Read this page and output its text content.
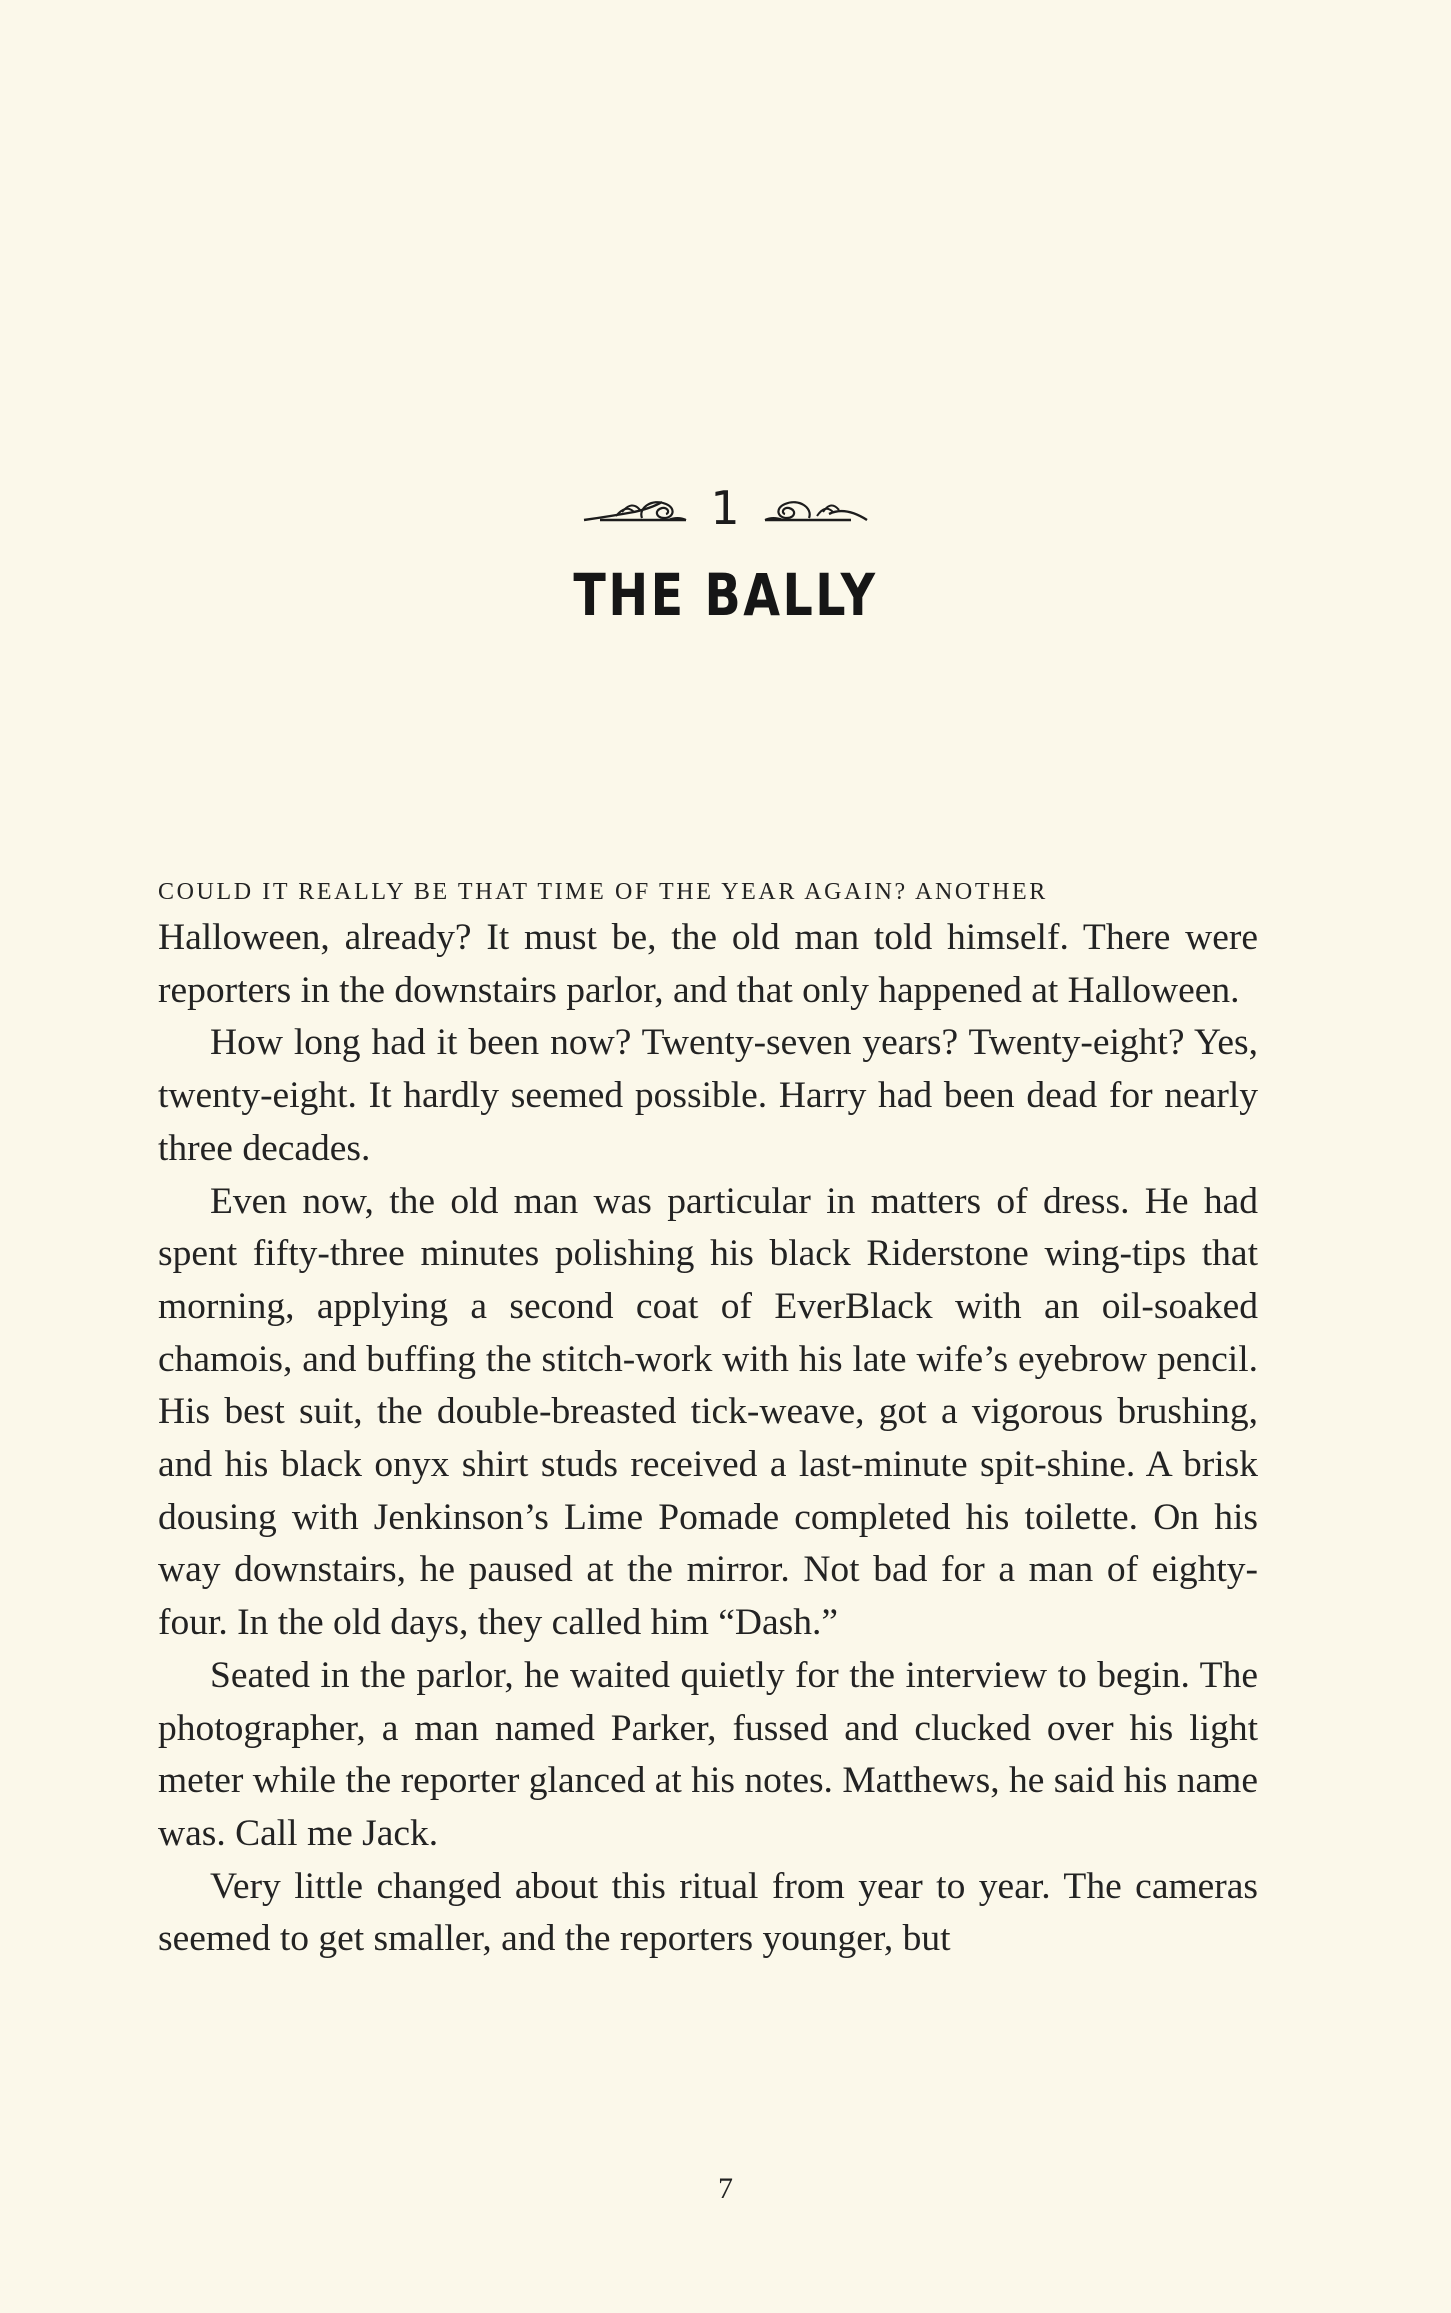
1
THE BALLY

COULD IT REALLY BE THAT TIME OF THE YEAR AGAIN? ANOTHER
Halloween, already? It must be, the old man told himself. There were reporters in the downstairs parlor, and that only happened at Halloween.

How long had it been now? Twenty-seven years? Twenty-eight? Yes, twenty-eight. It hardly seemed possible. Harry had been dead for nearly three decades.

Even now, the old man was particular in matters of dress. He had spent fifty-three minutes polishing his black Riderstone wing-tips that morning, applying a second coat of EverBlack with an oil-soaked chamois, and buffing the stitch-work with his late wife’s eyebrow pencil. His best suit, the double-breasted tick-weave, got a vigorous brushing, and his black onyx shirt studs received a last-minute spit-shine. A brisk dousing with Jenkinson’s Lime Pomade completed his toilette. On his way downstairs, he paused at the mirror. Not bad for a man of eighty-four. In the old days, they called him “Dash.”

Seated in the parlor, he waited quietly for the interview to begin. The photographer, a man named Parker, fussed and clucked over his light meter while the reporter glanced at his notes. Matthews, he said his name was. Call me Jack.

Very little changed about this ritual from year to year. The cameras seemed to get smaller, and the reporters younger, but

7
